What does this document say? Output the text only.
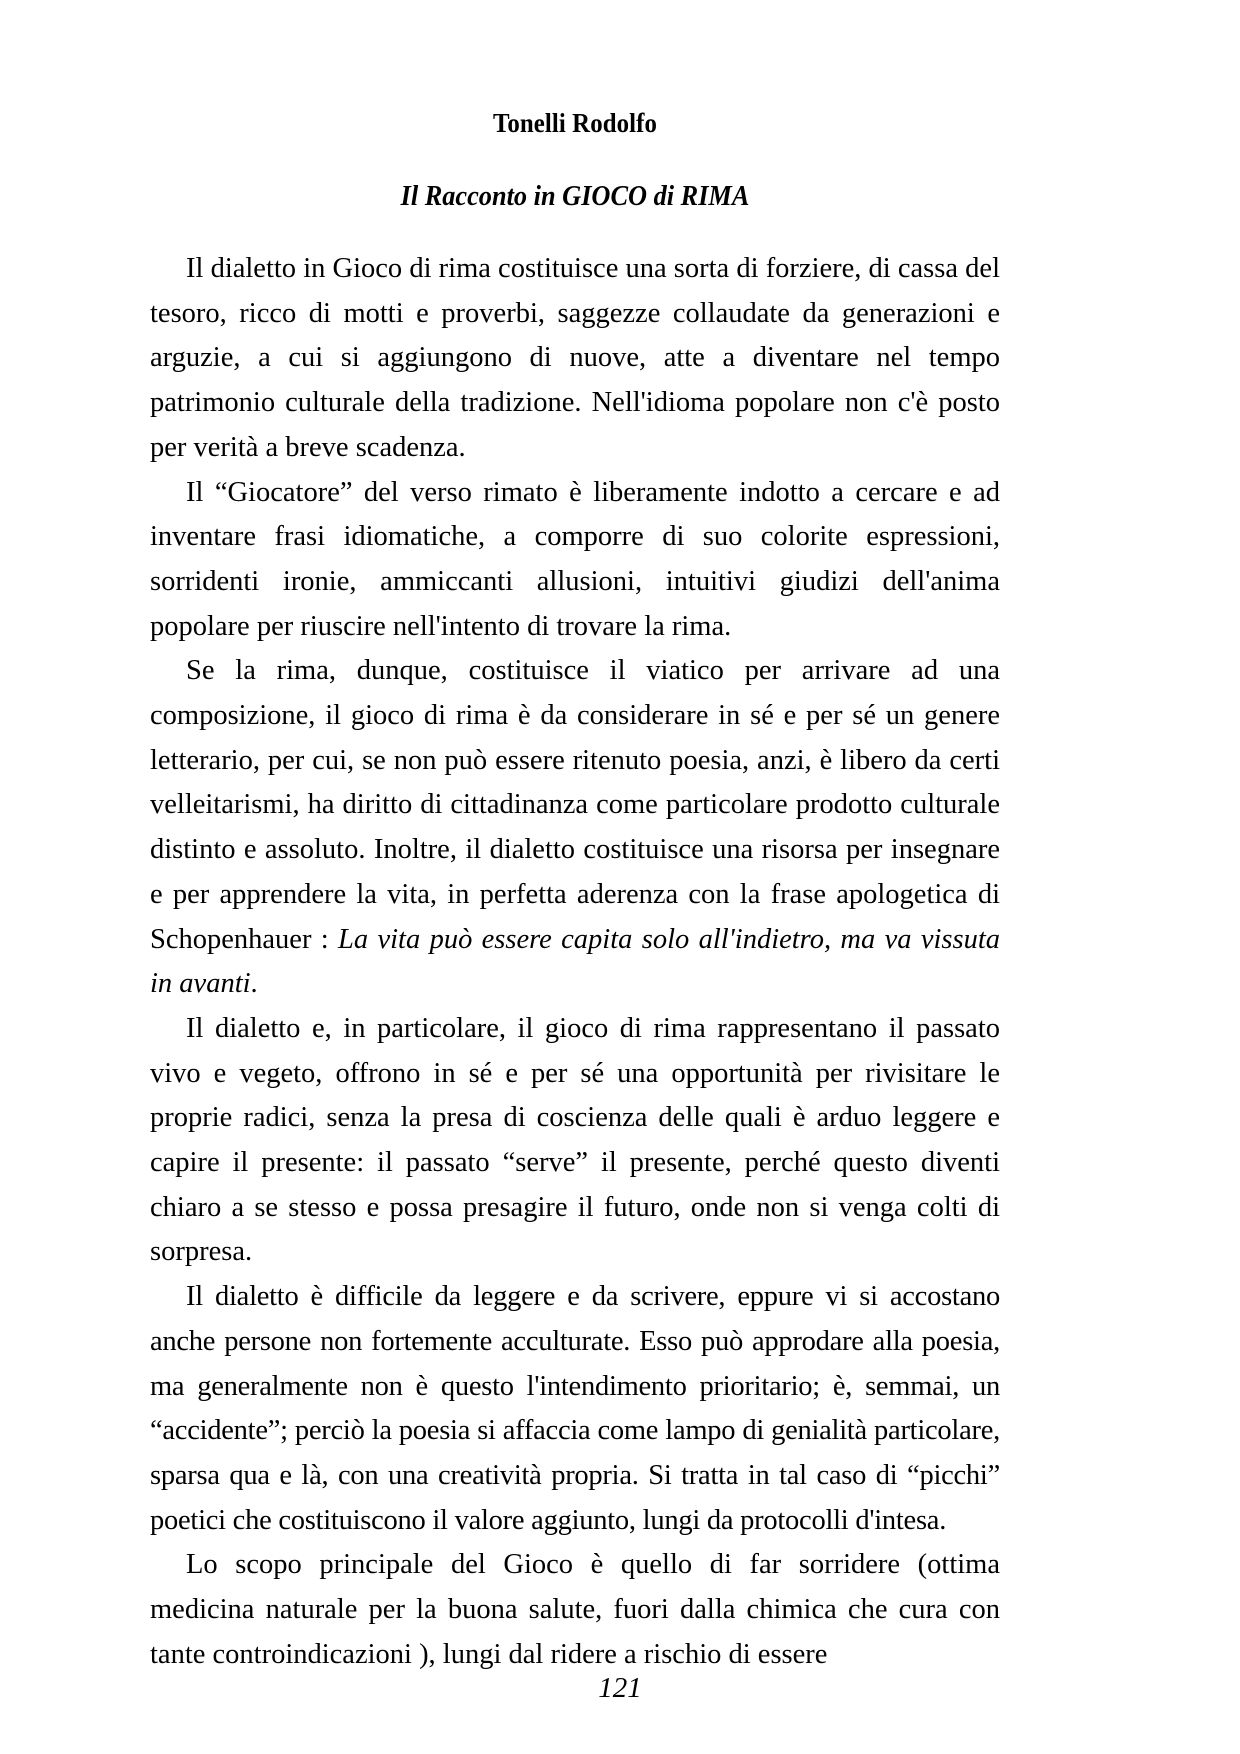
Tonelli Rodolfo
Il Racconto in GIOCO di RIMA

Il dialetto in Gioco di rima costituisce una sorta di forziere, di cassa del tesoro, ricco di motti e proverbi, saggezze collaudate da generazioni e arguzie, a cui si aggiungono di nuove, atte a diventare nel tempo patrimonio culturale della tradizione. Nell'idioma popolare non c'è posto per verità a breve scadenza.

Il “Giocatore” del verso rimato è liberamente indotto a cercare e ad inventare frasi idiomatiche, a comporre di suo colorite espressioni, sorridenti ironie, ammiccanti allusioni, intuitivi giudizi dell'anima popolare per riuscire nell'intento di trovare la rima.

Se la rima, dunque, costituisce il viatico per arrivare ad una composizione, il gioco di rima è da considerare in sé e per sé un genere letterario, per cui, se non può essere ritenuto poesia, anzi, è libero da certi velleitarismi, ha diritto di cittadinanza come particolare prodotto culturale distinto e assoluto. Inoltre, il dialetto costituisce una risorsa per insegnare e per apprendere la vita, in perfetta aderenza con la frase apologetica di Schopenhauer : La vita può essere capita solo all'indietro, ma va vissuta in avanti.

Il dialetto e, in particolare, il gioco di rima rappresentano il passato vivo e vegeto, offrono in sé e per sé una opportunità per rivisitare le proprie radici, senza la presa di coscienza delle quali è arduo leggere e capire il presente: il passato “serve” il presente, perché questo diventi chiaro a se stesso e possa presagire il futuro, onde non si venga colti di sorpresa.

Il dialetto è difficile da leggere e da scrivere, eppure vi si accostano anche persone non fortemente acculturate. Esso può approdare alla poesia, ma generalmente non è questo l'intendimento prioritario; è, semmai, un “accidente”; perciò la poesia si affaccia come lampo di genialità particolare, sparsa qua e là, con una creatività propria. Si tratta in tal caso di “picchi” poetici che costituiscono il valore aggiunto, lungi da protocolli d'intesa.

Lo scopo principale del Gioco è quello di far sorridere (ottima medicina naturale per la buona salute, fuori dalla chimica che cura con tante controindicazioni ), lungi dal ridere a rischio di essere

121
